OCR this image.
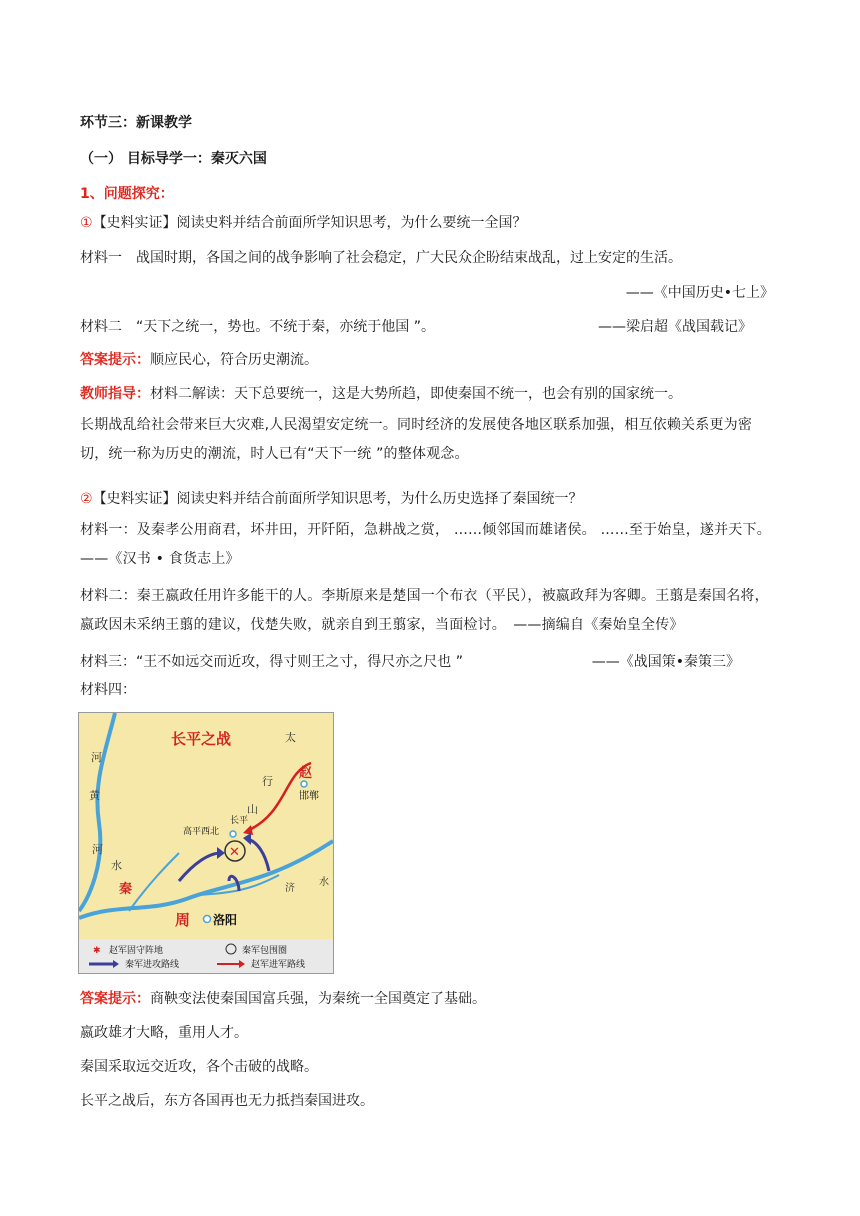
环节三：新课教学
（一） 目标导学一：秦灭六国
1、问题探究：
①【史料实证】阅读史料并结合前面所学知识思考，为什么要统一全国？
材料一　战国时期，各国之间的战争影响了社会稳定，广大民众企盼结束战乱，过上安定的生活。
——《中国历史•七上》
材料二　“天下之统一，势也。不统于秦，亦统于他国 ”。	——梁启超《战国载记》
答案提示：顺应民心，符合历史潮流。
教师指导：材料二解读：天下总要统一，这是大势所趋，即使秦国不统一，也会有别的国家统一。
长期战乱给社会带来巨大灾难,人民渴望安定统一。同时经济的发展使各地区联系加强，相互依赖关系更为密切，统一称为历史的潮流，时人已有“天下一统 ”的整体观念。
②【史料实证】阅读史料并结合前面所学知识思考，为什么历史选择了秦国统一？
材料一：及秦孝公用商君，坏井田，开阡陌，急耕战之赏， ……倾邻国而雄诸侯。 ……至于始皇，遂并天下。——《汉书 • 食货志上》
材料二：秦王嬴政任用许多能干的人。李斯原来是楚国一个布衣（平民），被嬴政拜为客卿。王翦是秦国名将，嬴政因未采纳王翦的建议，伐楚失败，就亲自到王翦家，当面检讨。　——摘编自《秦始皇全传》
材料三：“王不如远交而近攻，得寸则王之寸，得尺亦之尺也 ”	——《战国策•秦策三》
材料四：
长平之战	太
行
山
赵
邯郸
长平
高平西北
✕
河
黄
河
水
秦
周 洛阳
济
水
✱ 赵军固守阵地	秦军包围圈
秦军进攻路线	赵军进军路线
答案提示：商鞅变法使秦国国富兵强，为秦统一全国奠定了基础。
嬴政雄才大略，重用人才。
秦国采取远交近攻，各个击破的战略。
长平之战后，东方各国再也无力抵挡秦国进攻。
